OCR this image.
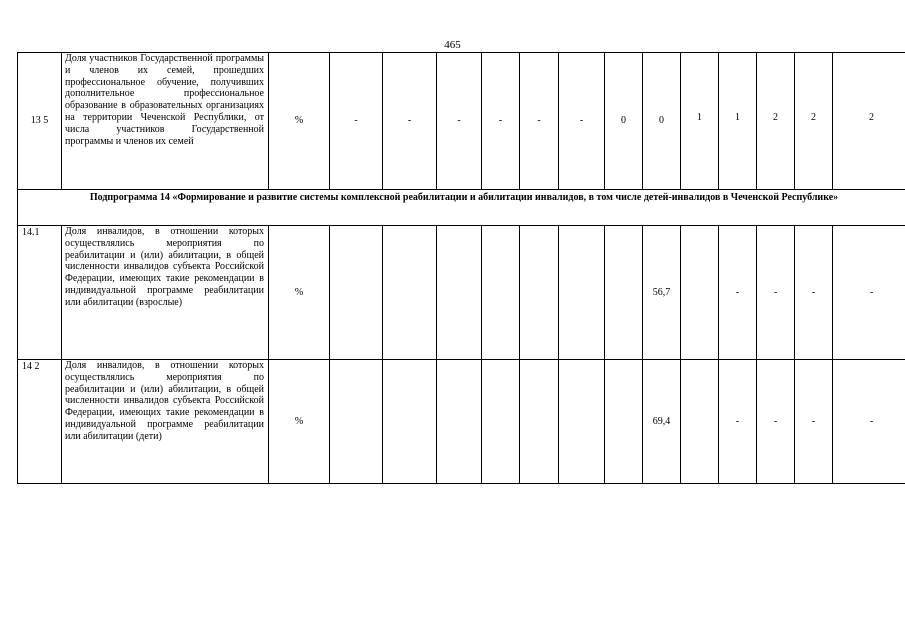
465
13 5	Доля участников Государственной программы и членов их семей, прошедших профессиональное обучение, получивших дополнительное профессиональное образование в образовательных организациях на территории Чеченской Республики, от числа участников Государственной программы и членов их семей	%	-	-	-	-	-	-	0	0	1	1	2	2	2
Подпрограмма 14 «Формирование и развитие системы комплексной реабилитации и абилитации инвалидов, в том числе детей-инвалидов в Чеченской Республике»															
14.1	Доля инвалидов, в отношении которых осуществлялись мероприятия по реабилитации и (или) абилитации, в общей численности инвалидов субъекта Российской Федерации, имеющих такие рекомендации в индивидуальной программе реабилитации или абилитации (взрослые)	%								56,7		-	-	-	-
14 2	Доля инвалидов, в отношении которых осуществлялись мероприятия по реабилитации и (или) абилитации, в общей численности инвалидов субъекта Российской Федерации, имеющих такие рекомендации в индивидуальной программе реабилитации или абилитации (дети)	%								69,4		-	-	-	-
